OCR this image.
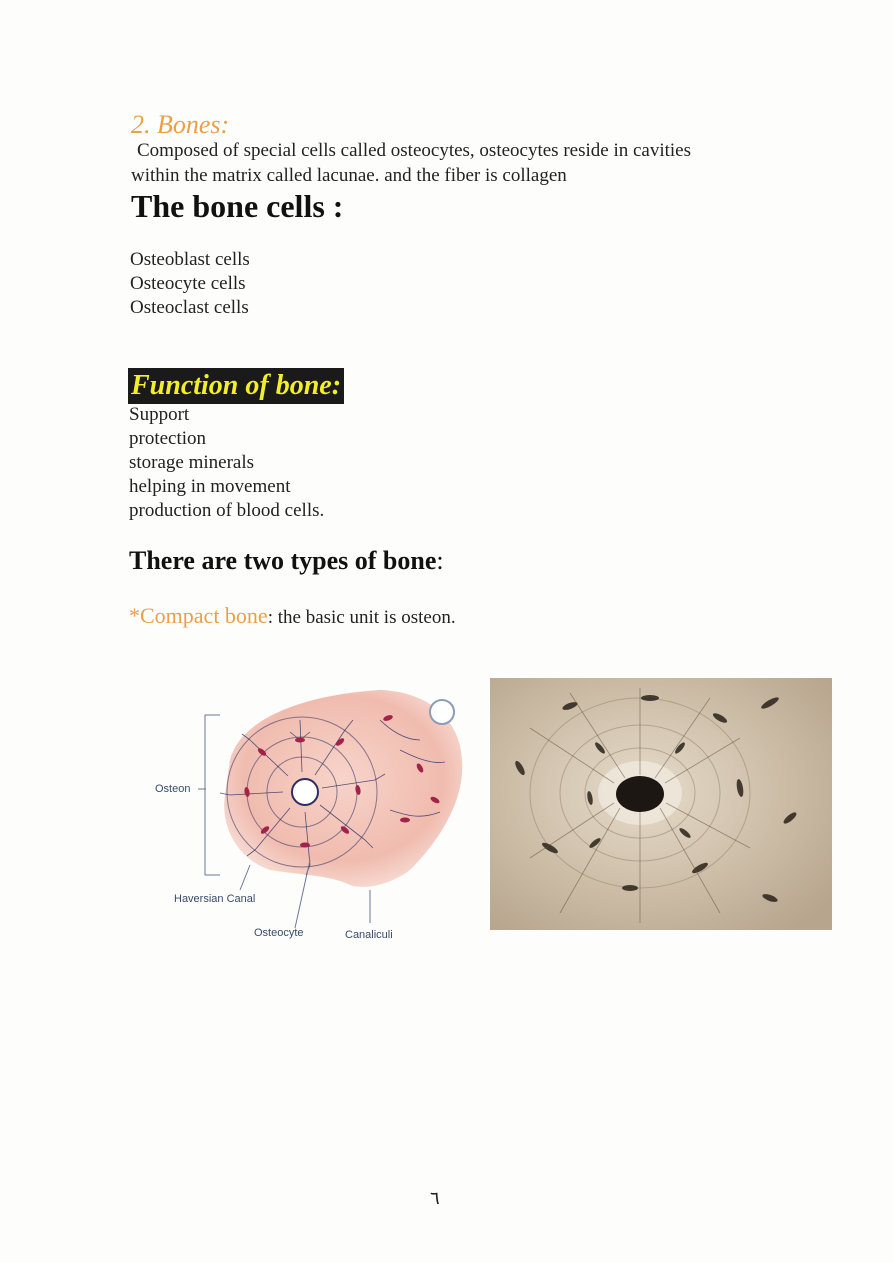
2. Bones:
Composed of special cells called osteocytes, osteocytes reside in cavities
within the matrix called lacunae. and the fiber is collagen
The bone cells :
Osteoblast cells
Osteocyte cells
Osteoclast cells
Function of bone:
Support
protection
storage minerals
helping in movement
production of blood cells.
There are two types of bone:
*Compact bone: the basic unit is osteon.
Osteon
Haversian Canal
Osteocyte	Canaliculi
٦
